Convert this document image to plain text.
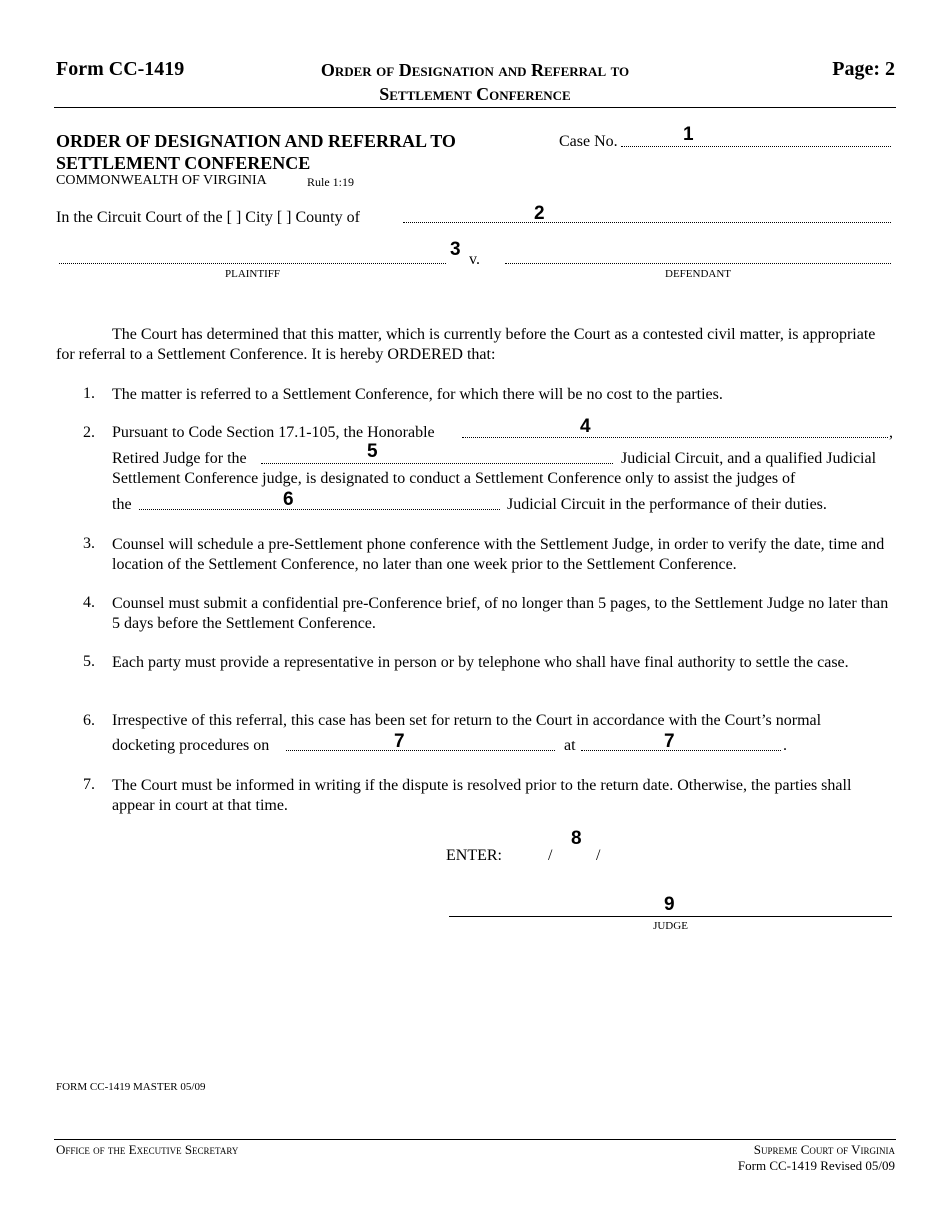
Form CC-1419	Order of Designation and Referral to
Settlement Conference
Page: 2
ORDER OF DESIGNATION AND REFERRAL TO
SETTLEMENT CONFERENCE
COMMONWEALTH OF VIRGINIA	Rule 1:19
Case No.	1
In the Circuit Court of the [ ] City [ ] County of	2
3 v.
PLAINTIFF	DEFENDANT
The Court has determined that this matter, which is currently before the Court as a contested civil matter, is appropriate for referral to a Settlement Conference. It is hereby ORDERED that:
1. The matter is referred to a Settlement Conference, for which there will be no cost to the parties.
2. Pursuant to Code Section 17.1-105, the Honorable	,
4
Retired Judge for the	5	Judicial Circuit, and a qualified Judicial
Settlement Conference judge, is designated to conduct a Settlement Conference only to assist the judges of
the	6	Judicial Circuit in the performance of their duties.
3. Counsel will schedule a pre-Settlement phone conference with the Settlement Judge, in order to verify the date, time and location of the Settlement Conference, no later than one week prior to the Settlement Conference.
4. Counsel must submit a confidential pre-Conference brief, of no longer than 5 pages, to the Settlement Judge no later than 5 days before the Settlement Conference.
5. Each party must provide a representative in person or by telephone who shall have final authority to settle the case.
6. Irrespective of this referral, this case has been set for return to the Court in accordance with the Court’s normal
docketing procedures on	7	at	7	.
7. The Court must be informed in writing if the dispute is resolved prior to the return date. Otherwise, the parties shall appear in court at that time.
ENTER:	/	/
8
9
JUDGE
FORM CC-1419 MASTER 05/09
Office of the Executive Secretary	Supreme Court of Virginia
Form CC-1419 Revised 05/09
